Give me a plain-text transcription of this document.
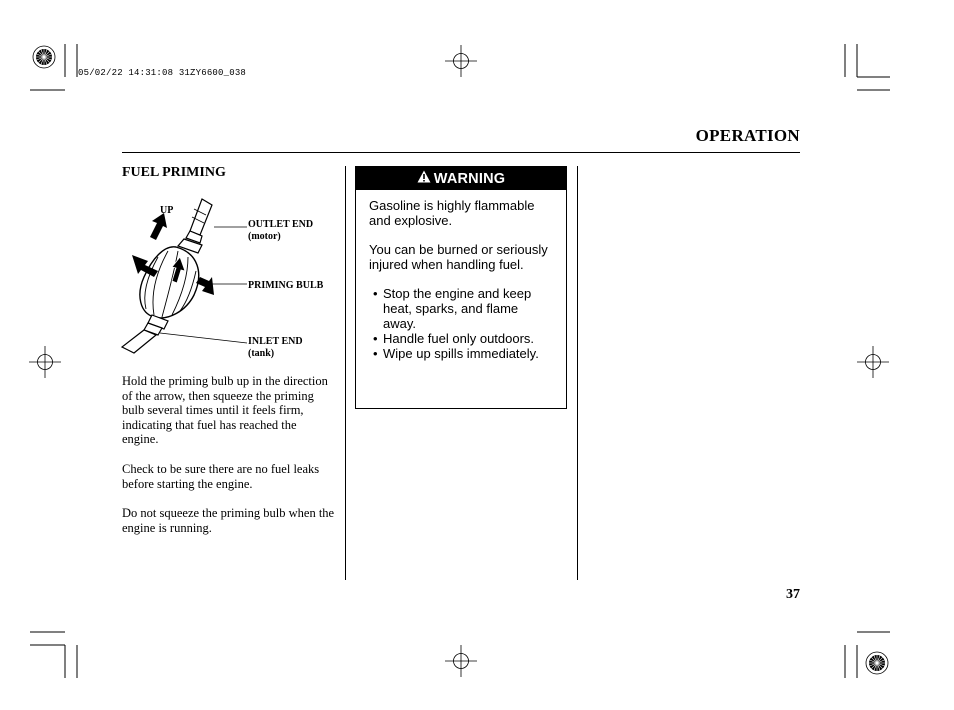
05/02/22 14:31:08 31ZY6600_038
OPERATION
FUEL PRIMING
UP
OUTLET END
(motor)
PRIMING BULB
INLET END
(tank)

Hold the priming bulb up in the direction of the arrow, then squeeze the priming bulb several times until it feels firm, indicating that fuel has reached the engine.

Check to be sure there are no fuel leaks before starting the engine.

Do not squeeze the priming bulb when the engine is running.

WARNING

Gasoline is highly flammable and explosive.

You can be burned or seriously injured when handling fuel.

• Stop the engine and keep heat, sparks, and flame away.
• Handle fuel only outdoors.
• Wipe up spills immediately.
37
